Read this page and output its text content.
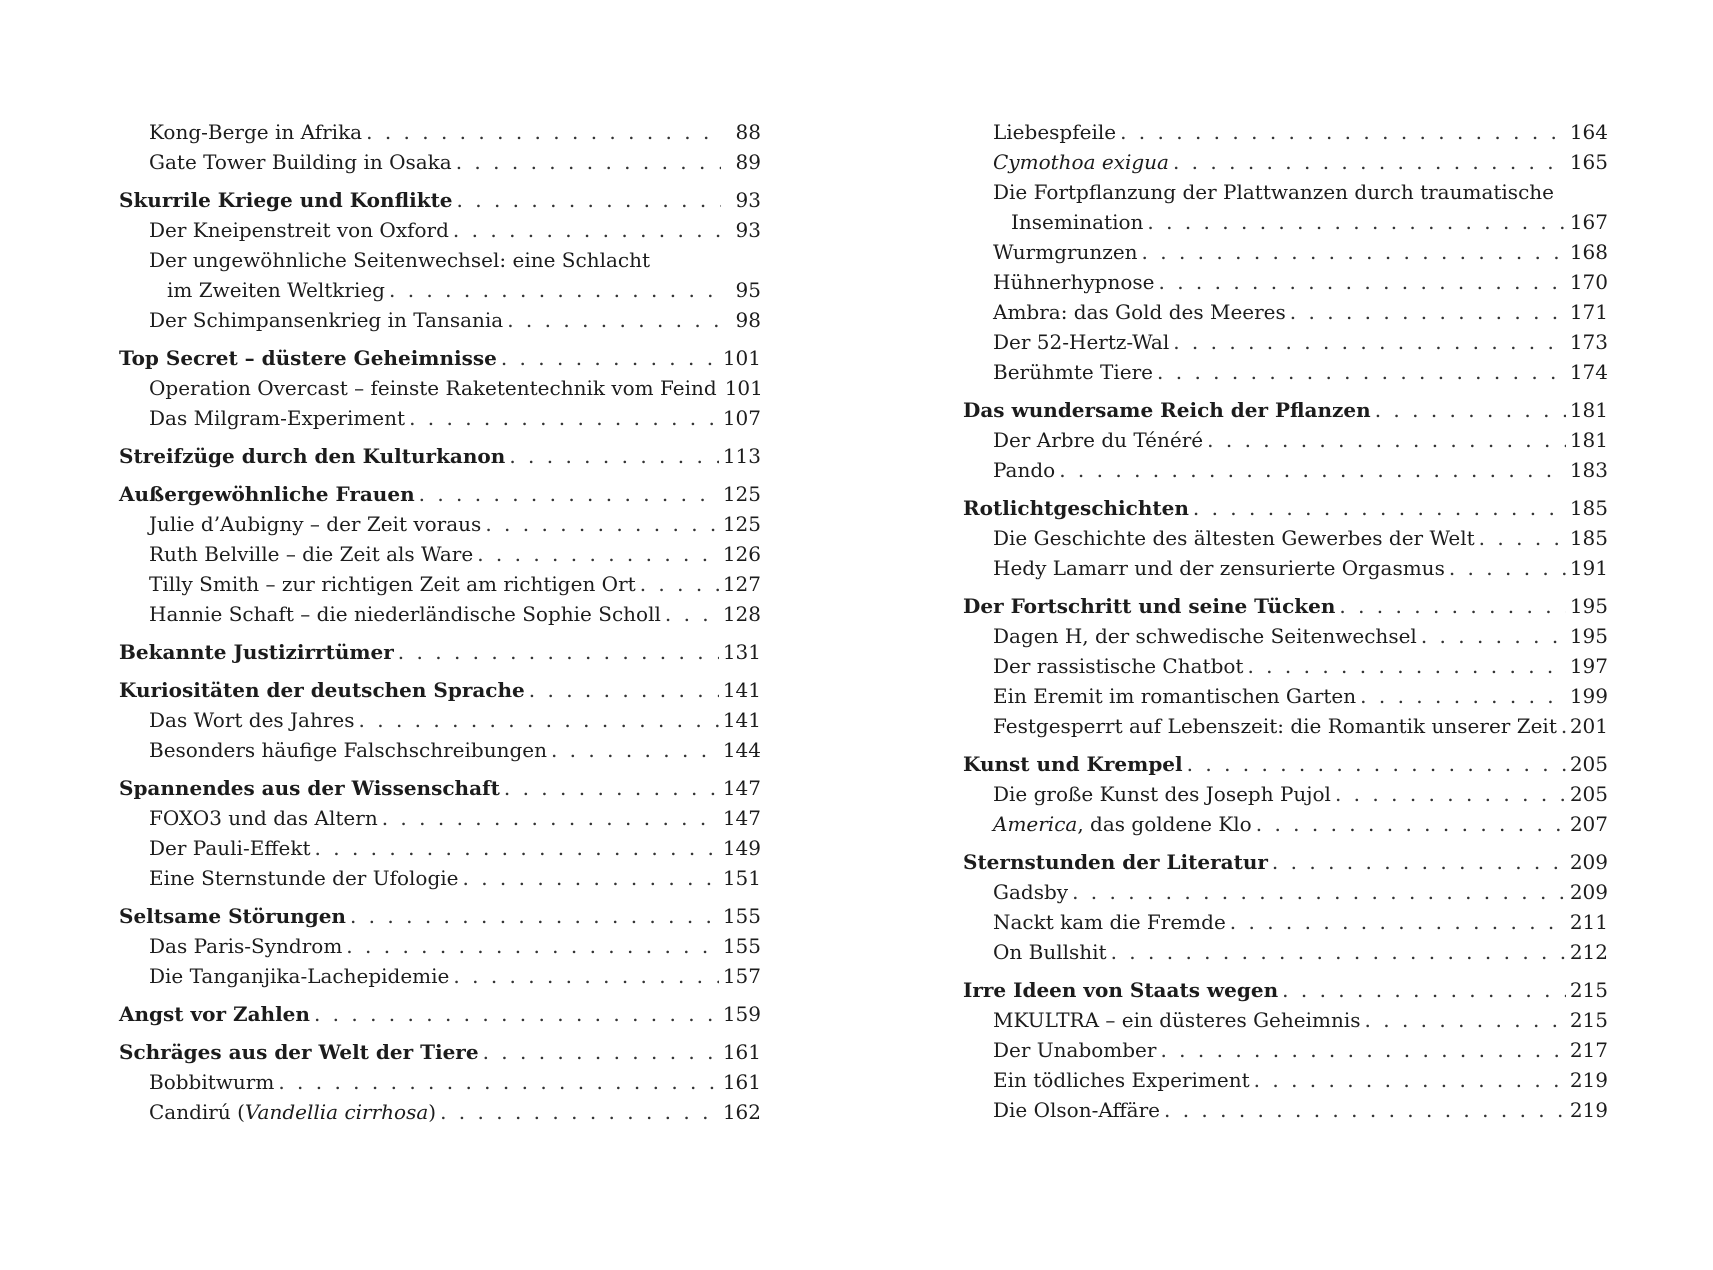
Kong-Berge in Afrika . . .	88
Gate Tower Building in Osaka . . .	89
Skurrile Kriege und Konflikte . . .	93
Der Kneipenstreit von Oxford . . .	93
Der ungewöhnliche Seitenwechsel: eine Schlacht
im Zweiten Weltkrieg . . .	95
Der Schimpansenkrieg in Tansania . . .	98
Top Secret – düstere Geheimnisse . . .	101
Operation Overcast – feinste Raketentechnik vom Feind 101
Das Milgram-Experiment . . .	107
Streifzüge durch den Kulturkanon . . .	113
Außergewöhnliche Frauen . . .	125
Julie d’Aubigny – der Zeit voraus . . .	125
Ruth Belville – die Zeit als Ware . . .	126
Tilly Smith – zur richtigen Zeit am richtigen Ort . . .	127
Hannie Schaft – die niederländische Sophie Scholl . . .	128
Bekannte Justizirrtümer . . .	131
Kuriositäten der deutschen Sprache . . .	141
Das Wort des Jahres . . .	141
Besonders häufige Falschschreibungen . . .	144
Spannendes aus der Wissenschaft . . .	147
FOXO3 und das Altern . . .	147
Der Pauli-Effekt . . .	149
Eine Sternstunde der Ufologie . . .	151
Seltsame Störungen . . .	155
Das Paris-Syndrom . . .	155
Die Tanganjika-Lachepidemie . . .	157
Angst vor Zahlen . . .	159
Schräges aus der Welt der Tiere . . .	161
Bobbitwurm . . .	161
Candirú (Vandellia cirrhosa) . . .	162
Liebespfeile . . .	164
Cymothoa exigua . . .	165
Die Fortpflanzung der Plattwanzen durch traumatische
Insemination . . .	167
Wurmgrunzen . . .	168
Hühnerhypnose . . .	170
Ambra: das Gold des Meeres . . .	171
Der 52-Hertz-Wal . . .	173
Berühmte Tiere . . .	174
Das wundersame Reich der Pflanzen . . .	181
Der Arbre du Ténéré . . .	181
Pando . . .	183
Rotlichtgeschichten . . .	185
Die Geschichte des ältesten Gewerbes der Welt . . .	185
Hedy Lamarr und der zensurierte Orgasmus . . .	191
Der Fortschritt und seine Tücken . . .	195
Dagen H, der schwedische Seitenwechsel . . .	195
Der rassistische Chatbot . . .	197
Ein Eremit im romantischen Garten . . .	199
Festgesperrt auf Lebenszeit: die Romantik unserer Zeit . . . 201
Kunst und Krempel . . .	205
Die große Kunst des Joseph Pujol . . .	205
America, das goldene Klo . . .	207
Sternstunden der Literatur . . .	209
Gadsby . . .	209
Nackt kam die Fremde . . .	211
On Bullshit . . .	212
Irre Ideen von Staats wegen . . .	215
MKULTRA – ein düsteres Geheimnis . . .	215
Der Unabomber . . .	217
Ein tödliches Experiment . . .	219
Die Olson-Affäre . . .	219
